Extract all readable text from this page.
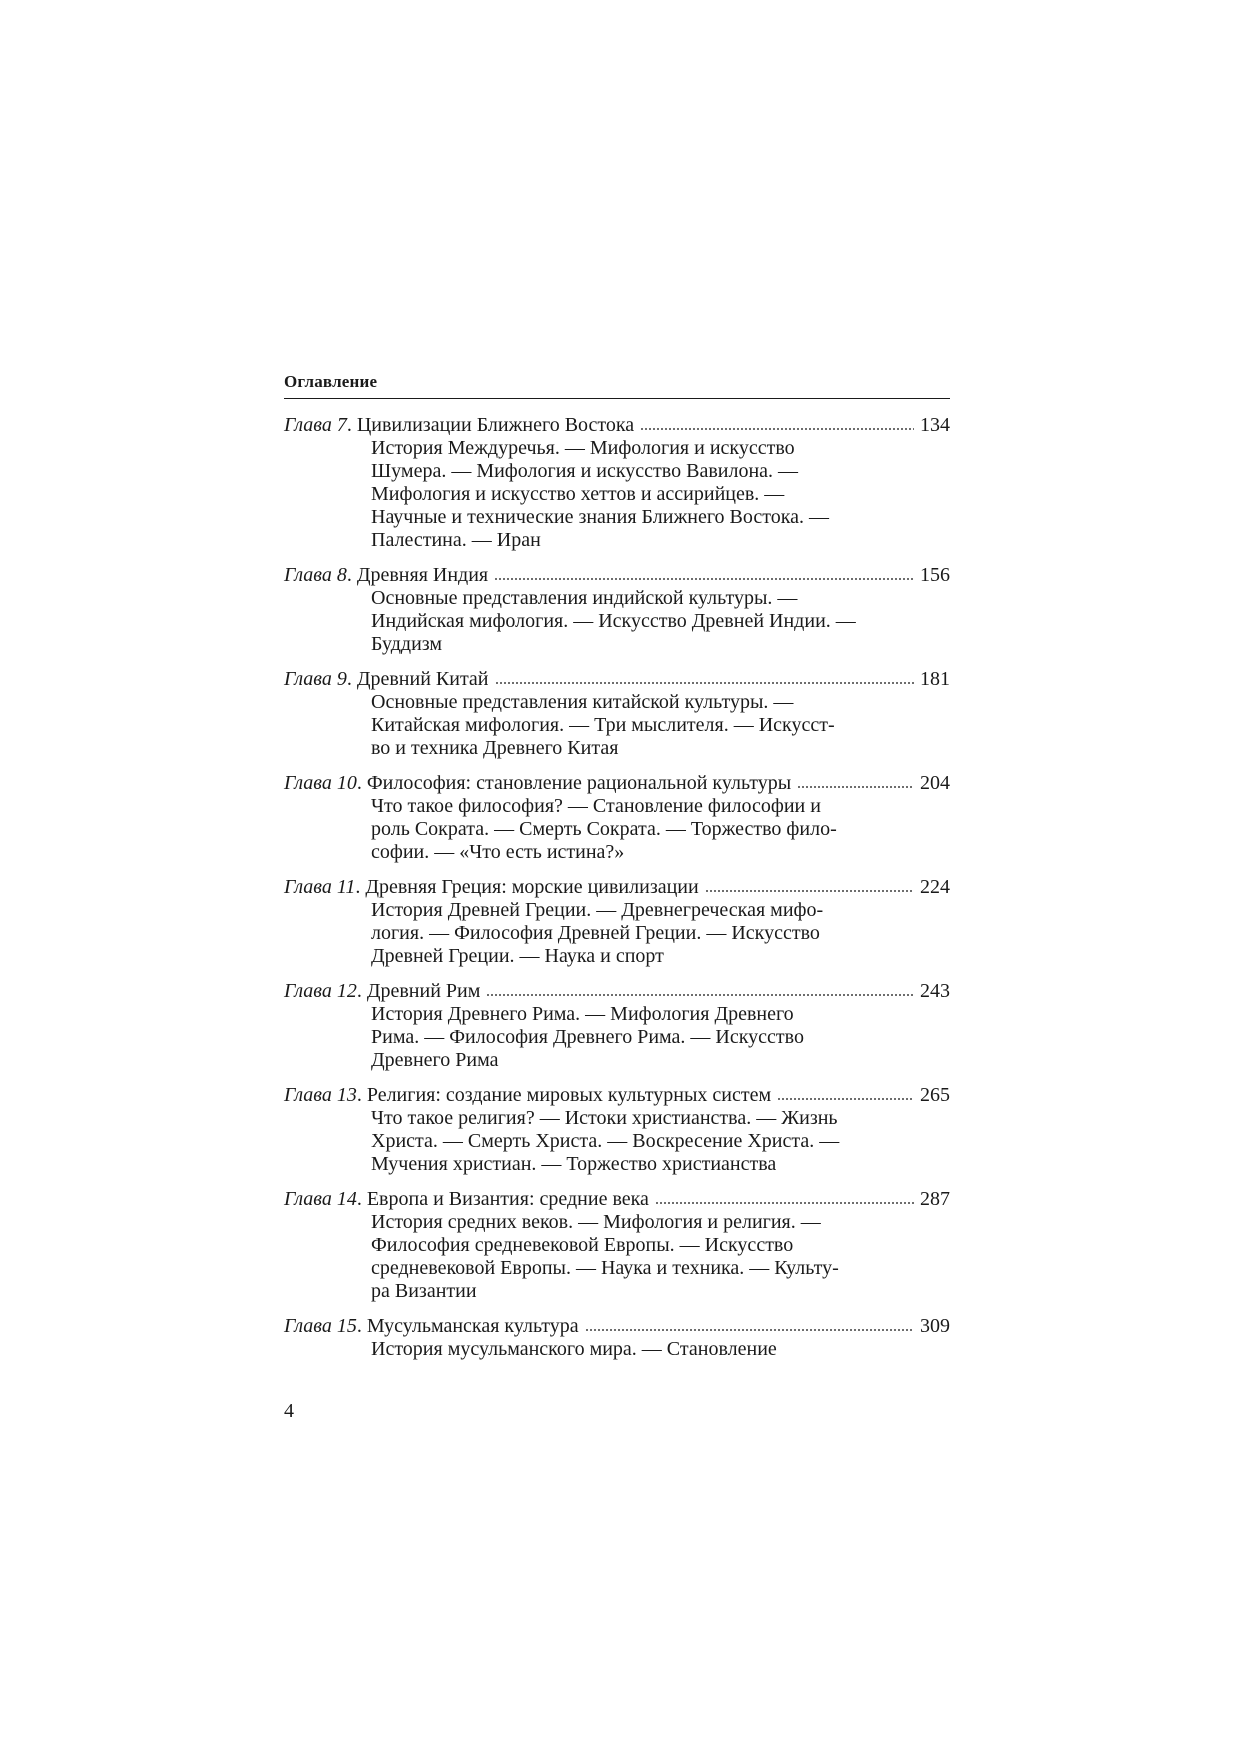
Оглавление
Глава 7. Цивилизации Ближнего Востока	134
История Междуречья. — Мифология и искусство
Шумера. — Мифология и искусство Вавилона. —
Мифология и искусство хеттов и ассирийцев. —
Научные и технические знания Ближнего Востока. —
Палестина. — Иран
Глава 8. Древняя Индия	156
Основные представления индийской культуры. —
Индийская мифология. — Искусство Древней Индии. —
Буддизм
Глава 9. Древний Китай	181
Основные представления китайской культуры. —
Китайская мифология. — Три мыслителя. — Искусст-
во и техника Древнего Китая
Глава 10. Философия: становление рациональной культуры	204
Что такое философия? — Становление философии и
роль Сократа. — Смерть Сократа. — Торжество фило-
софии. — «Что есть истина?»
Глава 11. Древняя Греция: морские цивилизации	224
История Древней Греции. — Древнегреческая мифо-
логия. — Философия Древней Греции. — Искусство
Древней Греции. — Наука и спорт
Глава 12. Древний Рим	243
История Древнего Рима. — Мифология Древнего
Рима. — Философия Древнего Рима. — Искусство
Древнего Рима
Глава 13. Религия: создание мировых культурных систем	265
Что такое религия? — Истоки христианства. — Жизнь
Христа. — Смерть Христа. — Воскресение Христа. —
Мучения христиан. — Торжество христианства
Глава 14. Европа и Византия: средние века	287
История средних веков. — Мифология и религия. —
Философия средневековой Европы. — Искусство
средневековой Европы. — Наука и техника. — Культу-
ра Византии
Глава 15. Мусульманская культура	309
История мусульманского мира. — Становление
4
